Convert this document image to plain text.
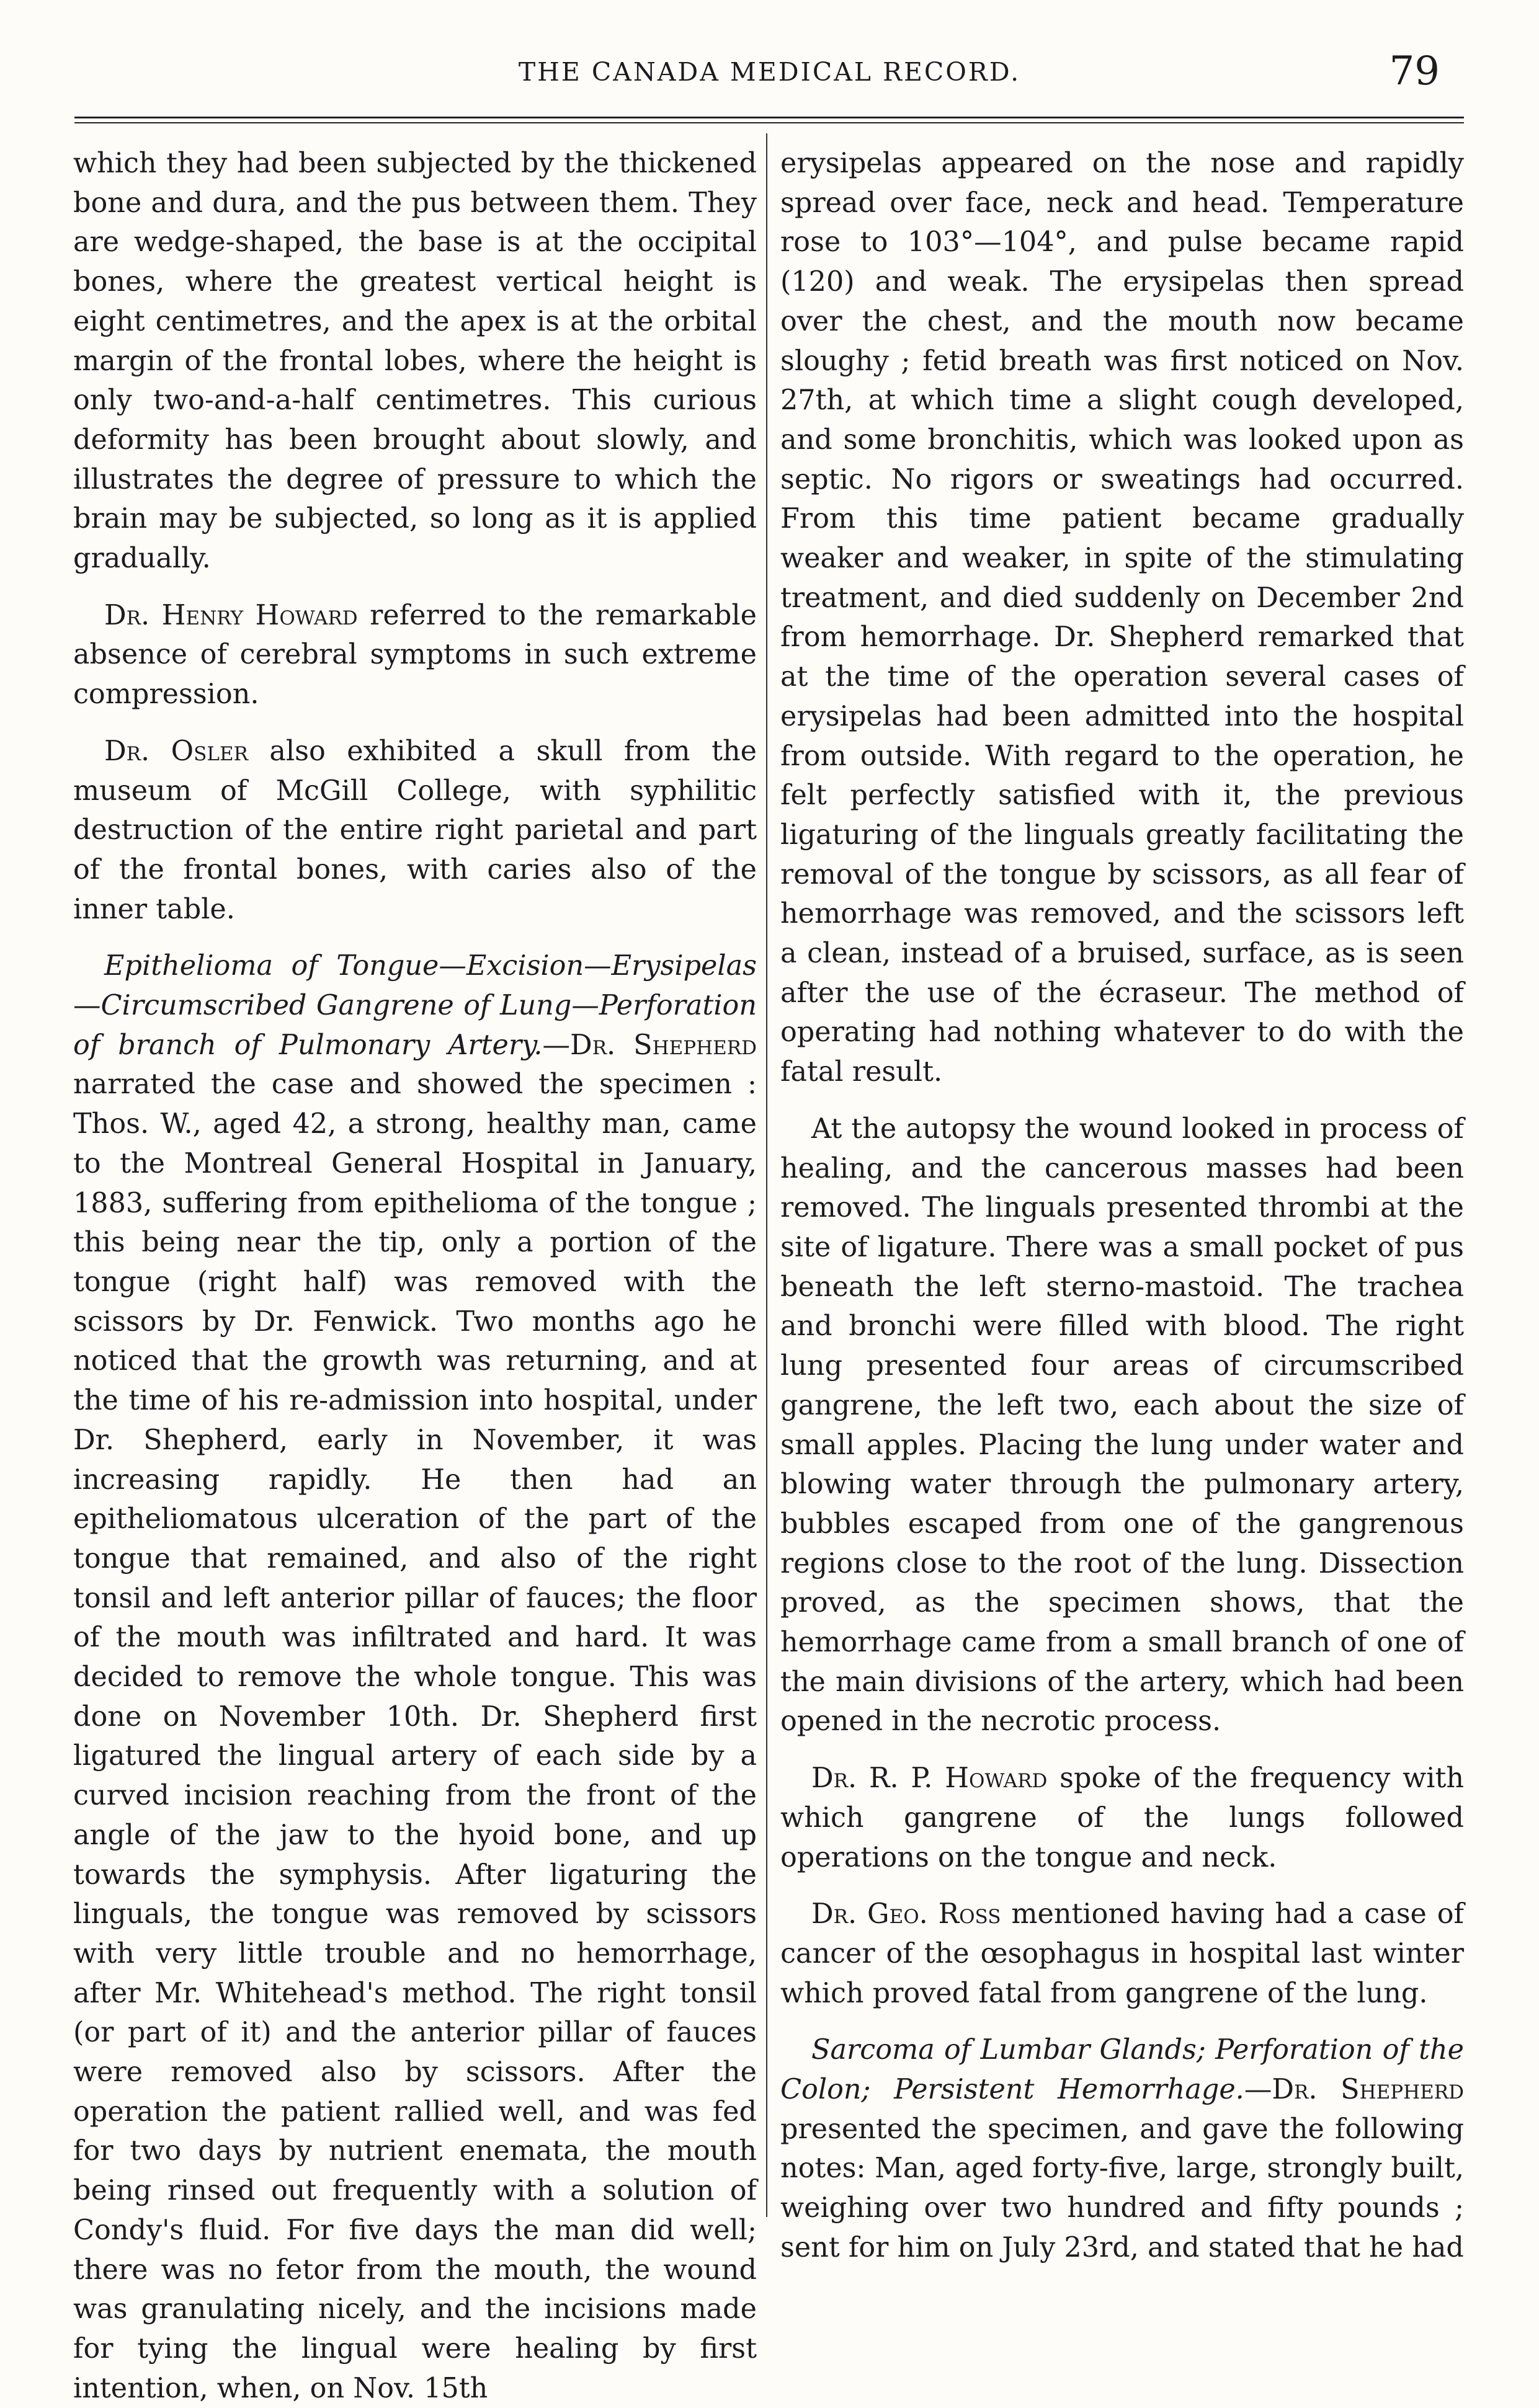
THE CANADA MEDICAL RECORD.	79

which they had been subjected by the thickened bone and dura, and the pus between them. They are wedge-shaped, the base is at the occipital bones, where the greatest vertical height is eight centimetres, and the apex is at the orbital margin of the frontal lobes, where the height is only two-and-a-half centimetres. This curious deformity has been brought about slowly, and illustrates the degree of pressure to which the brain may be subjected, so long as it is applied gradually.

Dr. Henry Howard referred to the remarkable absence of cerebral symptoms in such extreme compression.

Dr. Osler also exhibited a skull from the museum of McGill College, with syphilitic destruction of the entire right parietal and part of the frontal bones, with caries also of the inner table.

Epithelioma of Tongue—Excision—Erysipelas—Circumscribed Gangrene of Lung—Perforation of branch of Pulmonary Artery.—Dr. Shepherd narrated the case and showed the specimen : Thos. W., aged 42, a strong, healthy man, came to the Montreal General Hospital in January, 1883, suffering from epithelioma of the tongue ; this being near the tip, only a portion of the tongue (right half) was removed with the scissors by Dr. Fenwick. Two months ago he noticed that the growth was returning, and at the time of his re-admission into hospital, under Dr. Shepherd, early in November, it was increasing rapidly. He then had an epitheliomatous ulceration of the part of the tongue that remained, and also of the right tonsil and left anterior pillar of fauces; the floor of the mouth was infiltrated and hard. It was decided to remove the whole tongue. This was done on November 10th. Dr. Shepherd first ligatured the lingual artery of each side by a curved incision reaching from the front of the angle of the jaw to the hyoid bone, and up towards the symphysis. After ligaturing the linguals, the tongue was removed by scissors with very little trouble and no hemorrhage, after Mr. Whitehead's method. The right tonsil (or part of it) and the anterior pillar of fauces were removed also by scissors. After the operation the patient rallied well, and was fed for two days by nutrient enemata, the mouth being rinsed out frequently with a solution of Condy's fluid. For five days the man did well; there was no fetor from the mouth, the wound was granulating nicely, and the incisions made for tying the lingual were healing by first intention, when, on Nov. 15th

erysipelas appeared on the nose and rapidly spread over face, neck and head. Temperature rose to 103°—104°, and pulse became rapid (120) and weak. The erysipelas then spread over the chest, and the mouth now became sloughy ; fetid breath was first noticed on Nov. 27th, at which time a slight cough developed, and some bronchitis, which was looked upon as septic. No rigors or sweatings had occurred. From this time patient became gradually weaker and weaker, in spite of the stimulating treatment, and died suddenly on December 2nd from hemorrhage. Dr. Shepherd remarked that at the time of the operation several cases of erysipelas had been admitted into the hospital from outside. With regard to the operation, he felt perfectly satisfied with it, the previous ligaturing of the linguals greatly facilitating the removal of the tongue by scissors, as all fear of hemorrhage was removed, and the scissors left a clean, instead of a bruised, surface, as is seen after the use of the écraseur. The method of operating had nothing whatever to do with the fatal result.

At the autopsy the wound looked in process of healing, and the cancerous masses had been removed. The linguals presented thrombi at the site of ligature. There was a small pocket of pus beneath the left sterno-mastoid. The trachea and bronchi were filled with blood. The right lung presented four areas of circumscribed gangrene, the left two, each about the size of small apples. Placing the lung under water and blowing water through the pulmonary artery, bubbles escaped from one of the gangrenous regions close to the root of the lung. Dissection proved, as the specimen shows, that the hemorrhage came from a small branch of one of the main divisions of the artery, which had been opened in the necrotic process.

Dr. R. P. Howard spoke of the frequency with which gangrene of the lungs followed operations on the tongue and neck.

Dr. Geo. Ross mentioned having had a case of cancer of the œsophagus in hospital last winter which proved fatal from gangrene of the lung.

Sarcoma of Lumbar Glands; Perforation of the Colon; Persistent Hemorrhage.—Dr. Shepherd presented the specimen, and gave the following notes: Man, aged forty-five, large, strongly built, weighing over two hundred and fifty pounds ; sent for him on July 23rd, and stated that he had
